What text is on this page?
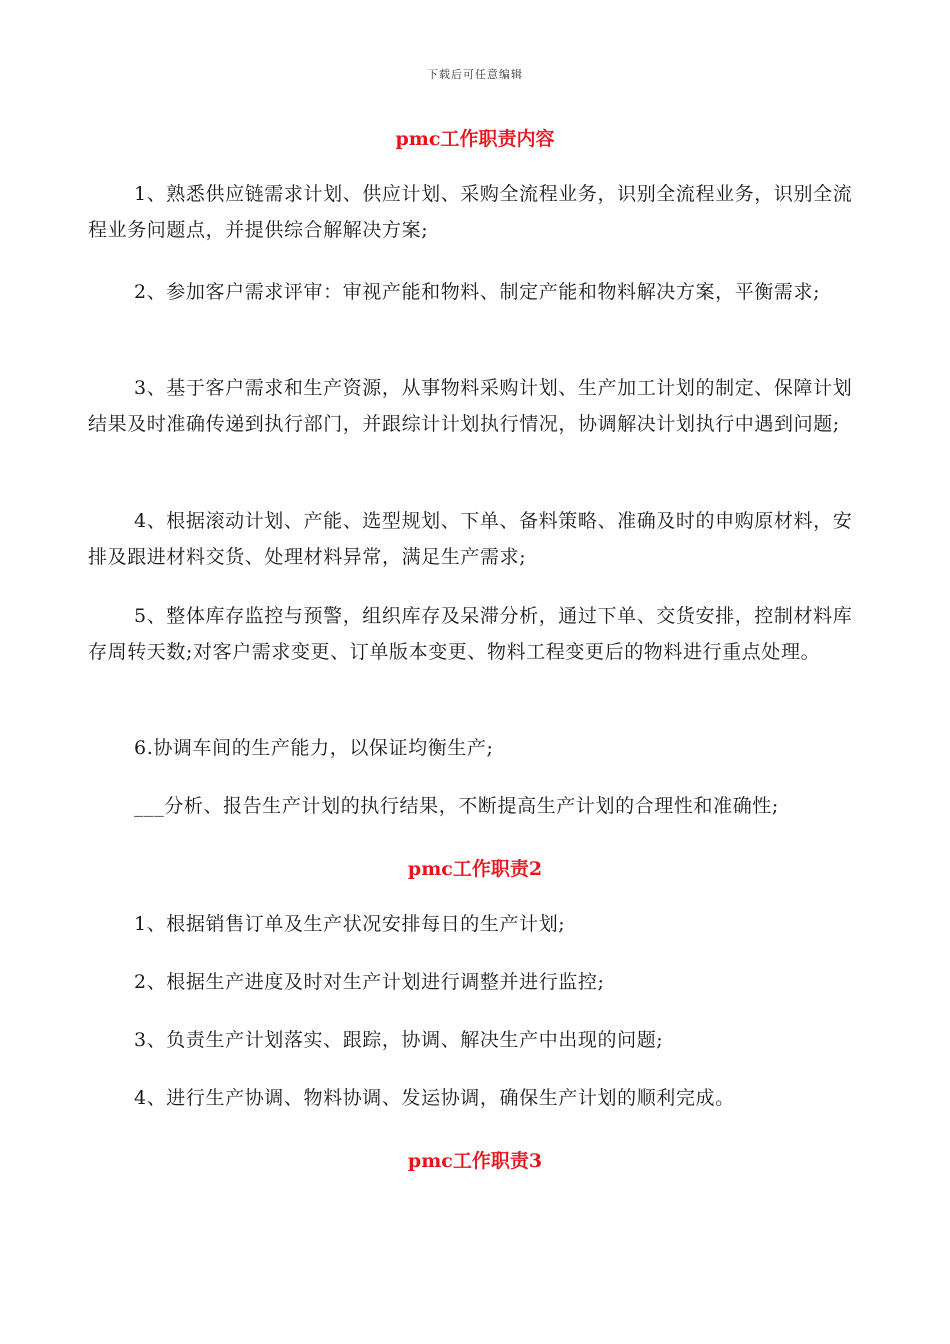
下载后可任意编辑
pmc工作职责内容
1、熟悉供应链需求计划、供应计划、采购全流程业务，识别全流程业务，识别全流程业务问题点，并提供综合解解决方案;
2、参加客户需求评审：审视产能和物料、制定产能和物料解决方案，平衡需求;
3、基于客户需求和生产资源，从事物料采购计划、生产加工计划的制定、保障计划结果及时准确传递到执行部门，并跟综计计划执行情况，协调解决计划执行中遇到问题;
4、根据滚动计划、产能、选型规划、下单、备料策略、准确及时的申购原材料，安排及跟进材料交货、处理材料异常，满足生产需求;
5、整体库存监控与预警，组织库存及呆滞分析，通过下单、交货安排，控制材料库存周转天数;对客户需求变更、订单版本变更、物料工程变更后的物料进行重点处理。
6.协调车间的生产能力，以保证均衡生产;
___分析、报告生产计划的执行结果，不断提高生产计划的合理性和准确性;
pmc工作职责2
1、根据销售订单及生产状况安排每日的生产计划;
2、根据生产进度及时对生产计划进行调整并进行监控;
3、负责生产计划落实、跟踪，协调、解决生产中出现的问题;
4、进行生产协调、物料协调、发运协调，确保生产计划的顺利完成。
pmc工作职责3
